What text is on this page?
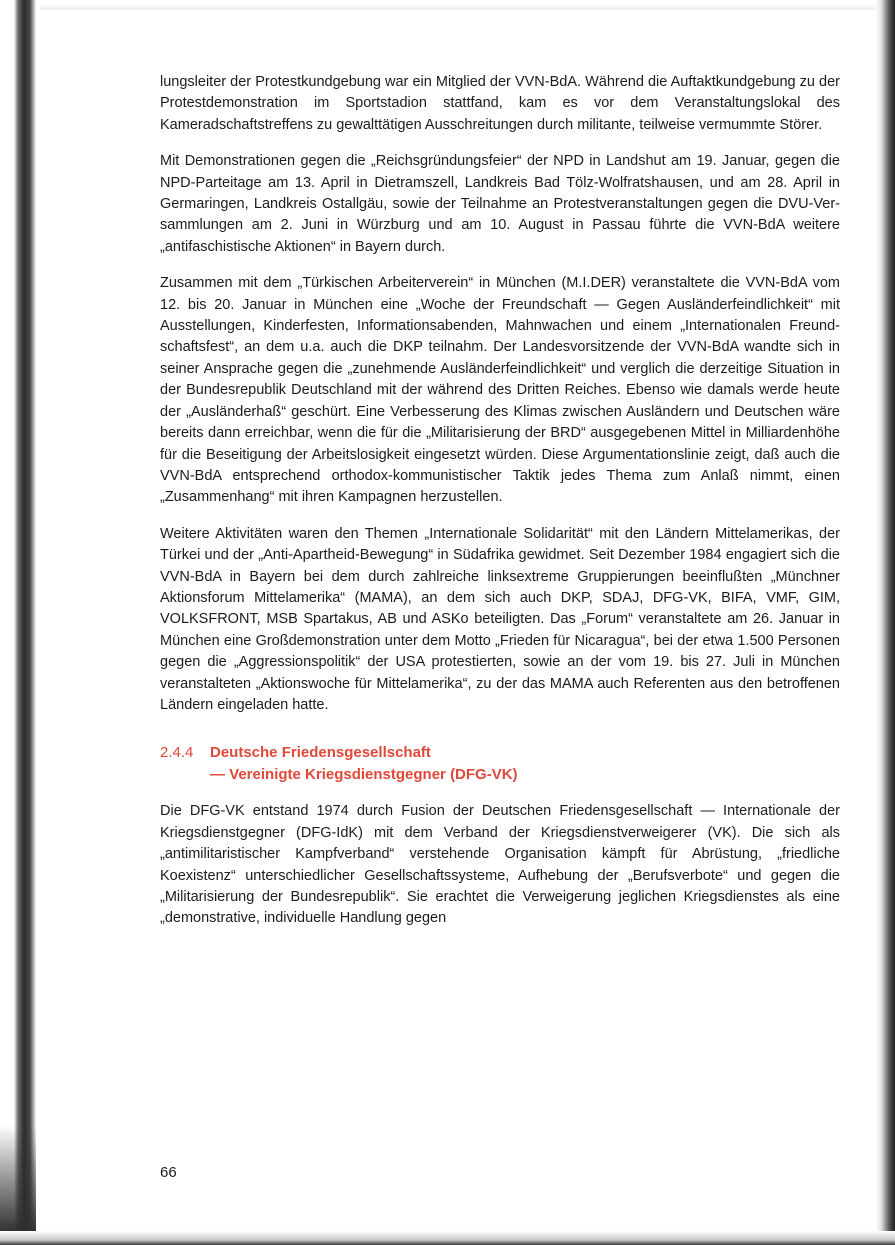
lungsleiter der Protestkundgebung war ein Mitglied der VVN-BdA. Während die Auftaktkundgebung zu der Protestdemonstration im Sportstadion stattfand, kam es vor dem Veranstaltungslokal des Kameradschaftstreffens zu gewalttätigen Ausschreitungen durch militante, teilweise vermummte Störer.

Mit Demonstrationen gegen die „Reichsgründungsfeier“ der NPD in Landshut am 19. Januar, gegen die NPD-Parteitage am 13. April in Dietramszell, Landkreis Bad Tölz-Wolfratshausen, und am 28. April in Germaringen, Landkreis Ostallgäu, sowie der Teilnahme an Protestveranstaltungen gegen die DVU-Versammlungen am 2. Juni in Würzburg und am 10. August in Passau führte die VVN-BdA weitere „antifaschistische Aktionen“ in Bayern durch.

Zusammen mit dem „Türkischen Arbeiterverein“ in München (M.I.DER) veranstaltete die VVN-BdA vom 12. bis 20. Januar in München eine „Woche der Freundschaft — Gegen Ausländerfeindlichkeit“ mit Ausstellungen, Kinderfesten, Informationsabenden, Mahnwachen und einem „Internationalen Freundschaftsfest“, an dem u.a. auch die DKP teilnahm. Der Landesvorsitzende der VVN-BdA wandte sich in seiner Ansprache gegen die „zunehmende Ausländerfeindlichkeit“ und verglich die derzeitige Situation in der Bundesrepublik Deutschland mit der während des Dritten Reiches. Ebenso wie damals werde heute der „Ausländerhaß“ geschürt. Eine Verbesserung des Klimas zwischen Ausländern und Deutschen wäre bereits dann erreichbar, wenn die für die „Militarisierung der BRD“ ausgegebenen Mittel in Milliardenhöhe für die Beseitigung der Arbeitslosigkeit eingesetzt würden. Diese Argumentationslinie zeigt, daß auch die VVN-BdA entsprechend orthodox-kommunistischer Taktik jedes Thema zum Anlaß nimmt, einen „Zusammenhang“ mit ihren Kampagnen herzustellen.

Weitere Aktivitäten waren den Themen „Internationale Solidarität“ mit den Ländern Mittelamerikas, der Türkei und der „Anti-Apartheid-Bewegung“ in Südafrika gewidmet. Seit Dezember 1984 engagiert sich die VVN-BdA in Bayern bei dem durch zahlreiche linksextreme Gruppierungen beeinflußten „Münchner Aktionsforum Mittelamerika“ (MAMA), an dem sich auch DKP, SDAJ, DFG-VK, BIFA, VMF, GIM, VOLKSFRONT, MSB Spartakus, AB und ASKo beteiligten. Das „Forum“ veranstaltete am 26. Januar in München eine Großdemonstration unter dem Motto „Frieden für Nicaragua“, bei der etwa 1.500 Personen gegen die „Aggressionspolitik“ der USA protestierten, sowie an der vom 19. bis 27. Juli in München veranstalteten „Aktionswoche für Mittelamerika“, zu der das MAMA auch Referenten aus den betroffenen Ländern eingeladen hatte.

2.4.4 Deutsche Friedensgesellschaft
— Vereinigte Kriegsdienstgegner (DFG-VK)

Die DFG-VK entstand 1974 durch Fusion der Deutschen Friedensgesellschaft — Internationale der Kriegsdienstgegner (DFG-IdK) mit dem Verband der Kriegsdienstverweigerer (VK). Die sich als „antimilitaristischer Kampfverband“ verstehende Organisation kämpft für Abrüstung, „friedliche Koexistenz“ unterschiedlicher Gesellschaftssysteme, Aufhebung der „Berufsverbote“ und gegen die „Militarisierung der Bundesrepublik“. Sie erachtet die Verweigerung jeglichen Kriegsdienstes als eine „demonstrative, individuelle Handlung gegen

66
